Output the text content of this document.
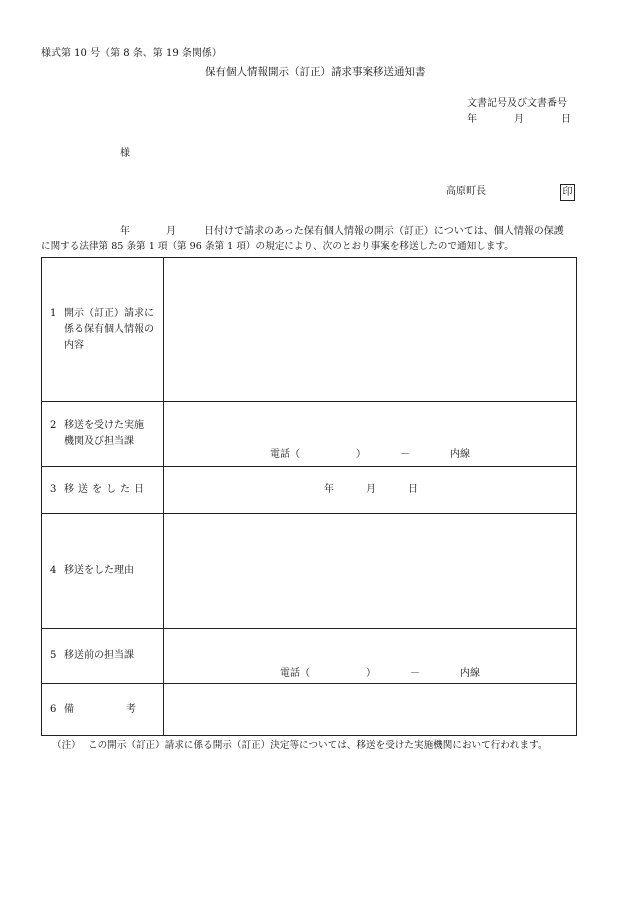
様式第 10 号（第 8 条、第 19 条関係）
保有個人情報開示（訂正）請求事案移送通知書
文書記号及び文書番号
年	月	日
様
高原町長	印
年	月	日付けで請求のあった保有個人情報の開示（訂正）については、個人情報の保護
に関する法律第 85 条第 1 項（第 96 条第 1 項）の規定により、次のとおり事案を移送したので通知します。
1 開示（訂正）請求に
係る保有個人情報の
内容	

2 移送を受けた実施
機関及び担当課	電話（ ） － 内線

3 移送をした日	年 月 日

4 移送をした理由	
5 移送前の担当課	電話（ ） － 内線

6 備 考	
（注） この開示（訂正）請求に係る開示（訂正）決定等については、移送を受けた実施機関において行われます。
